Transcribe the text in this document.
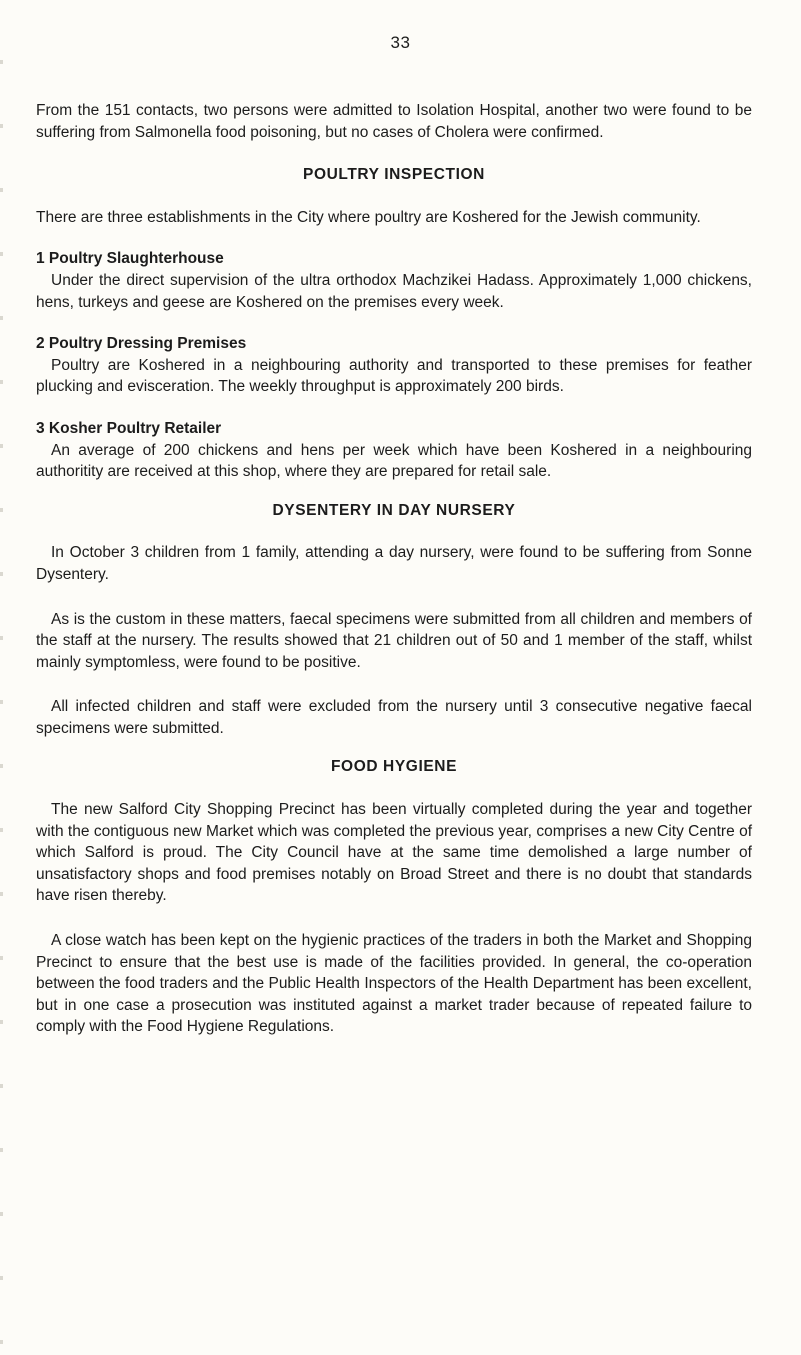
33

From the 151 contacts, two persons were admitted to Isolation Hospital, another two were found to be suffering from Salmonella food poisoning, but no cases of Cholera were confirmed.

POULTRY INSPECTION

There are three establishments in the City where poultry are Koshered for the Jewish community.

1 Poultry Slaughterhouse

Under the direct supervision of the ultra orthodox Machzikei Hadass. Approximately 1,000 chickens, hens, turkeys and geese are Koshered on the premises every week.

2 Poultry Dressing Premises

Poultry are Koshered in a neighbouring authority and transported to these premises for feather plucking and evisceration. The weekly throughput is approximately 200 birds.

3 Kosher Poultry Retailer

An average of 200 chickens and hens per week which have been Koshered in a neighbouring authoritity are received at this shop, where they are prepared for retail sale.

DYSENTERY IN DAY NURSERY

In October 3 children from 1 family, attending a day nursery, were found to be suffering from Sonne Dysentery.

As is the custom in these matters, faecal specimens were submitted from all children and members of the staff at the nursery. The results showed that 21 children out of 50 and 1 member of the staff, whilst mainly symptomless, were found to be positive.

All infected children and staff were excluded from the nursery until 3 consecutive negative faecal specimens were submitted.

FOOD HYGIENE

The new Salford City Shopping Precinct has been virtually completed during the year and together with the contiguous new Market which was completed the previous year, comprises a new City Centre of which Salford is proud. The City Council have at the same time demolished a large number of unsatisfactory shops and food premises notably on Broad Street and there is no doubt that standards have risen thereby.

A close watch has been kept on the hygienic practices of the traders in both the Market and Shopping Precinct to ensure that the best use is made of the facilities provided. In general, the co-operation between the food traders and the Public Health Inspectors of the Health Department has been excellent, but in one case a prosecution was instituted against a market trader because of repeated failure to comply with the Food Hygiene Regulations.
